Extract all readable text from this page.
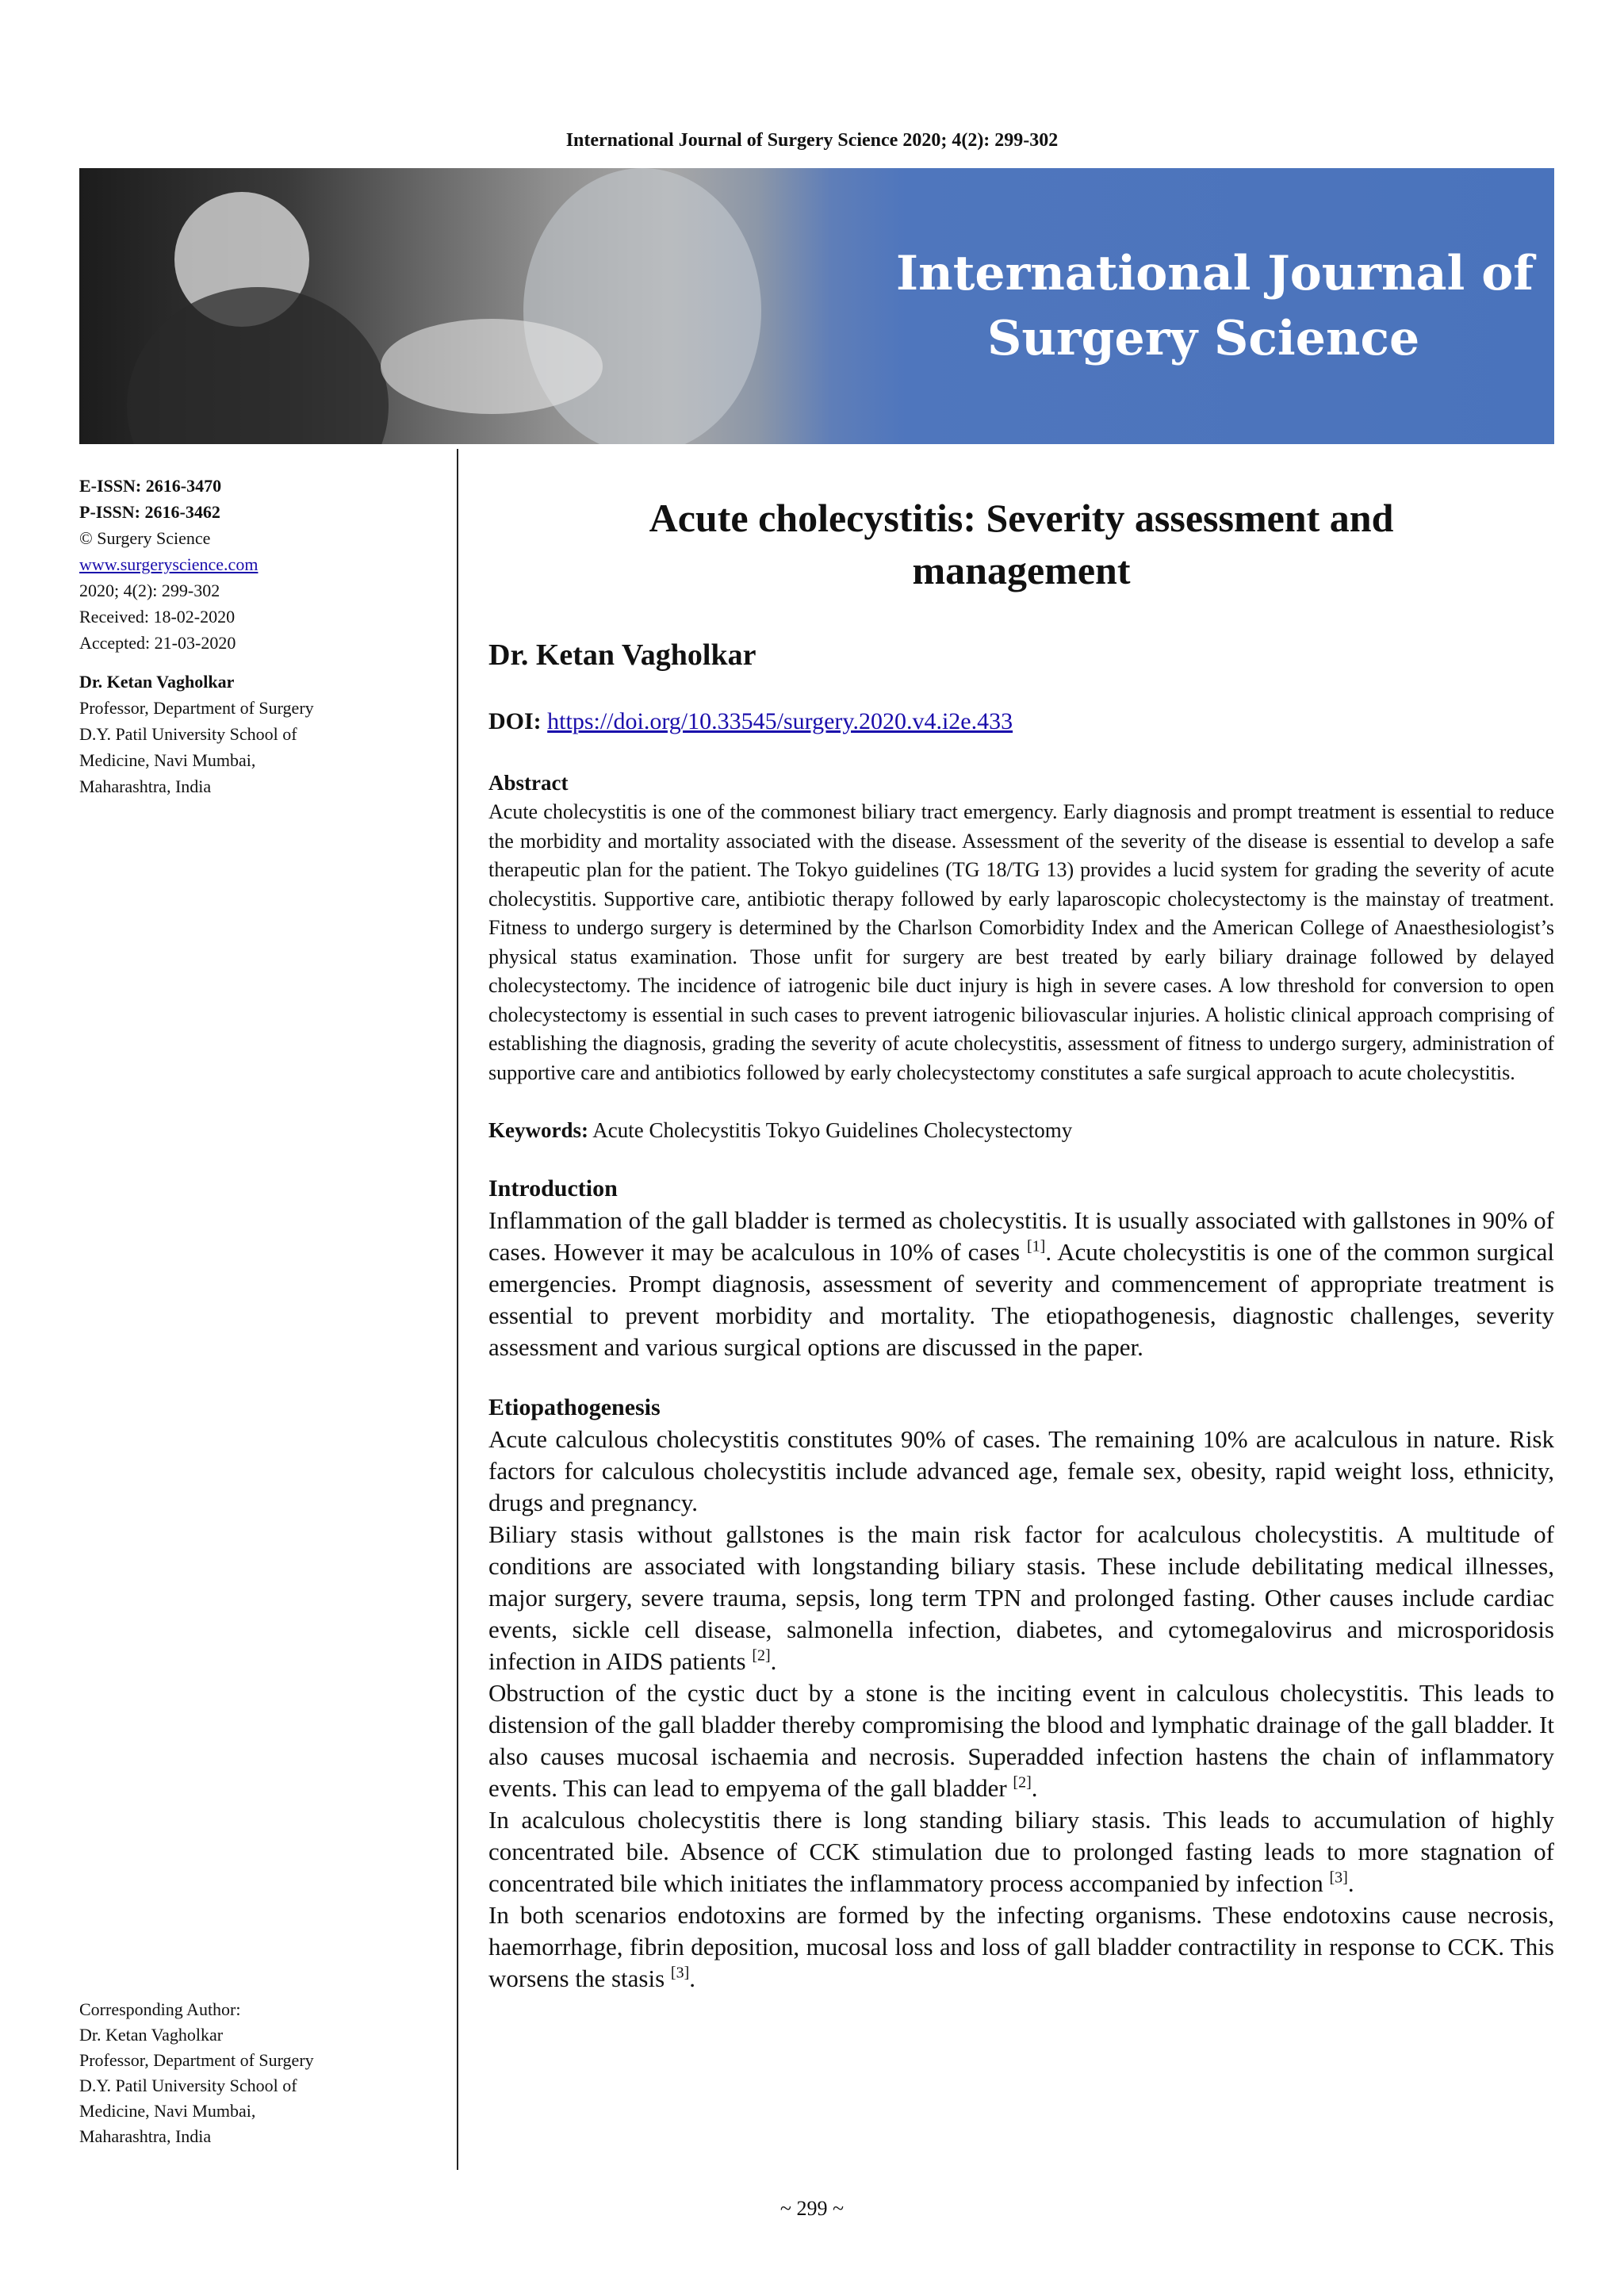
International Journal of Surgery Science 2020; 4(2): 299-302
International Journal of
Surgery Science
E-ISSN: 2616-3470
P-ISSN: 2616-3462
© Surgery Science
www.surgeryscience.com
2020; 4(2): 299-302
Received: 18-02-2020
Accepted: 21-03-2020
Dr. Ketan Vagholkar
Professor, Department of Surgery
D.Y. Patil University School of
Medicine, Navi Mumbai,
Maharashtra, India
Corresponding Author:
Dr. Ketan Vagholkar
Professor, Department of Surgery
D.Y. Patil University School of
Medicine, Navi Mumbai,
Maharashtra, India
Acute cholecystitis: Severity assessment and
management
Dr. Ketan Vagholkar
DOI: https://doi.org/10.33545/surgery.2020.v4.i2e.433
Abstract
Acute cholecystitis is one of the commonest biliary tract emergency. Early diagnosis and prompt treatment is essential to reduce the morbidity and mortality associated with the disease. Assessment of the severity of the disease is essential to develop a safe therapeutic plan for the patient. The Tokyo guidelines (TG 18/TG 13) provides a lucid system for grading the severity of acute cholecystitis. Supportive care, antibiotic therapy followed by early laparoscopic cholecystectomy is the mainstay of treatment. Fitness to undergo surgery is determined by the Charlson Comorbidity Index and the American College of Anaesthesiologist’s physical status examination. Those unfit for surgery are best treated by early biliary drainage followed by delayed cholecystectomy. The incidence of iatrogenic bile duct injury is high in severe cases. A low threshold for conversion to open cholecystectomy is essential in such cases to prevent iatrogenic biliovascular injuries. A holistic clinical approach comprising of establishing the diagnosis, grading the severity of acute cholecystitis, assessment of fitness to undergo surgery, administration of supportive care and antibiotics followed by early cholecystectomy constitutes a safe surgical approach to acute cholecystitis.
Keywords: Acute Cholecystitis Tokyo Guidelines Cholecystectomy
Introduction

Inflammation of the gall bladder is termed as cholecystitis. It is usually associated with gallstones in 90% of cases. However it may be acalculous in 10% of cases [1]. Acute cholecystitis is one of the common surgical emergencies. Prompt diagnosis, assessment of severity and commencement of appropriate treatment is essential to prevent morbidity and mortality. The etiopathogenesis, diagnostic challenges, severity assessment and various surgical options are discussed in the paper.

Etiopathogenesis

Acute calculous cholecystitis constitutes 90% of cases. The remaining 10% are acalculous in nature. Risk factors for calculous cholecystitis include advanced age, female sex, obesity, rapid weight loss, ethnicity, drugs and pregnancy.

Biliary stasis without gallstones is the main risk factor for acalculous cholecystitis. A multitude of conditions are associated with longstanding biliary stasis. These include debilitating medical illnesses, major surgery, severe trauma, sepsis, long term TPN and prolonged fasting. Other causes include cardiac events, sickle cell disease, salmonella infection, diabetes, and cytomegalovirus and microsporidosis infection in AIDS patients [2].

Obstruction of the cystic duct by a stone is the inciting event in calculous cholecystitis. This leads to distension of the gall bladder thereby compromising the blood and lymphatic drainage of the gall bladder. It also causes mucosal ischaemia and necrosis. Superadded infection hastens the chain of inflammatory events. This can lead to empyema of the gall bladder [2].

In acalculous cholecystitis there is long standing biliary stasis. This leads to accumulation of highly concentrated bile. Absence of CCK stimulation due to prolonged fasting leads to more stagnation of concentrated bile which initiates the inflammatory process accompanied by infection [3].

In both scenarios endotoxins are formed by the infecting organisms. These endotoxins cause necrosis, haemorrhage, fibrin deposition, mucosal loss and loss of gall bladder contractility in response to CCK. This worsens the stasis [3].

~ 299 ~
